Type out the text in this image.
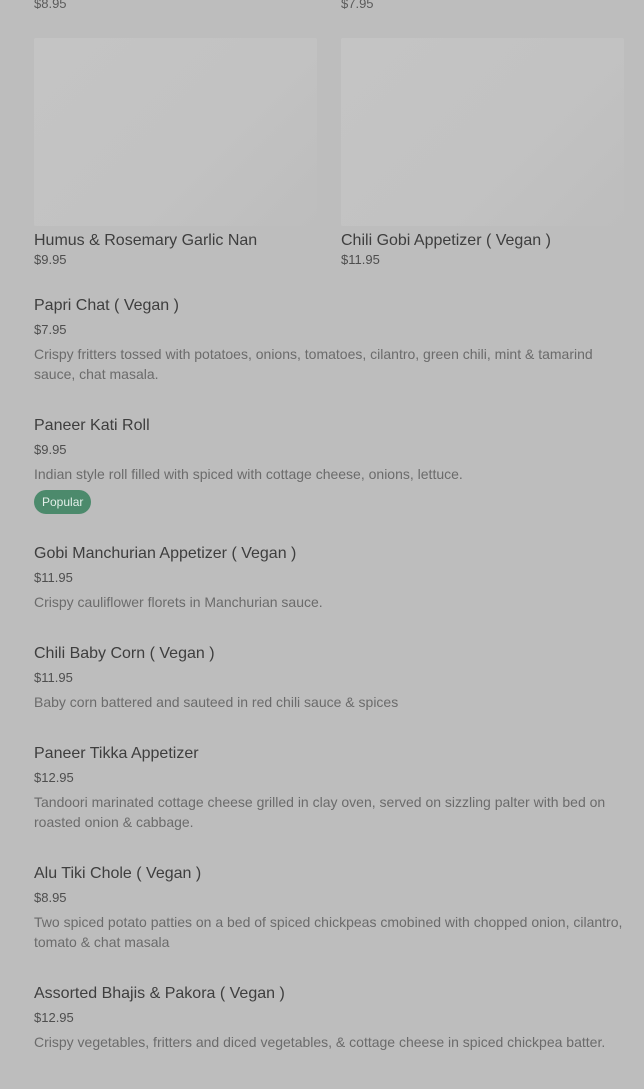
$8.95	$7.95
Humus & Rosemary Garlic Nan
$9.95
Chili Gobi Appetizer ( Vegan )
$11.95
Papri Chat ( Vegan )
$7.95
Crispy fritters tossed with potatoes, onions, tomatoes, cilantro, green chili, mint & tamarind sauce, chat masala.
Paneer Kati Roll
$9.95
Indian style roll filled with spiced with cottage cheese, onions, lettuce.
Popular
Gobi Manchurian Appetizer ( Vegan )
$11.95
Crispy cauliflower florets in Manchurian sauce.
Chili Baby Corn ( Vegan )
$11.95
Baby corn battered and sauteed in red chili sauce & spices
Paneer Tikka Appetizer
$12.95
Tandoori marinated cottage cheese grilled in clay oven, served on sizzling palter with bed on roasted onion & cabbage.
Alu Tiki Chole ( Vegan )
$8.95
Two spiced potato patties on a bed of spiced chickpeas cmobined with chopped onion, cilantro, tomato & chat masala
Assorted Bhajis & Pakora ( Vegan )
$12.95
Crispy vegetables, fritters and diced vegetables, & cottage cheese in spiced chickpea batter.
